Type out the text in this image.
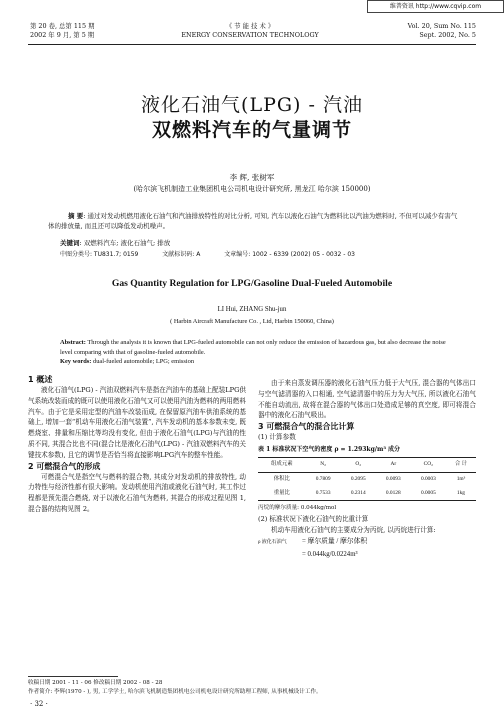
维普资讯 http://www.cqvip.com
第 20 卷, 总第 115 期
2002 年 9 月, 第 5 期
《 节 能 技 术 》
ENERGY CONSERVATION TECHNOLOGY
Vol. 20, Sum No. 115
Sept. 2002, No. 5
液化石油气(LPG) - 汽油
双燃料汽车的气量调节
李 辉, 张树军
(哈尔滨飞机制造工业集团机电公司机电设计研究所, 黑龙江 哈尔滨 150000)
摘 要: 通过对发动机燃用液化石油气和汽油排放特性的对比分析, 可知, 汽车以液化石油气为燃料比以汽油为燃料时, 不但可以减少有害气体的排放量, 而且还可以降低发动机噪声。
关键词: 双燃料汽车; 液化石油气; 排放
中图分类号: TU831.7; 0159	文献标识码: A	文章编号: 1002 - 6339 (2002) 05 - 0032 - 03
Gas Quantity Regulation for LPG/Gasoline Dual-Fueled Automobile
LI Hui, ZHANG Shu-jun
( Harbin Aircraft Manufacture Co. , Ltd, Harbin 150060, China)
Abstract: Through the analysis it is known that LPG-fueled automobile can not only reduce the emission of hazardous gas, but also decrease the noise level comparing with that of gasoline-fueled automobile.
Key words: dual-fueled automobile; LPG; emission
1 概述

液化石油气(LPG) - 汽油双燃料汽车是指在汽油车的基础上配装LPG供气系统改装而成的既可以使用液化石油气又可以使用汽油为燃料的两用燃料汽车。由于它是采用定型的汽油车改装而成, 在保留原汽油车供油系统的基础上, 增加一套“机动车用液化石油气装置”, 汽车发动机的基本参数未变, 既燃烧室、排量和压缩比等均没有变化, 但由于液化石油气(LPG)与汽油的性质不同, 其混合比也不同(混合比是液化石油气(LPG) - 汽油双燃料汽车的关键技术参数), 且它的调节是否恰当将直接影响LPG汽车的整车性能。

2 可燃混合气的形成

可燃混合气是指空气与燃料的混合物, 其成分对发动机的排放特性, 动力特性与经济性都有很大影响。发动机使用汽油或液化石油气时, 其工作过程都是预先混合燃烧, 对于以液化石油气为燃料, 其混合的形成过程见图 1, 混合器的结构见图 2。

由于来自蒸发调压器的液化石油气压力低于大气压, 混合器的气体出口与空气滤清器的入口相通, 空气滤清器中的压力为大气压, 所以液化石油气不能自动流出, 故将在混合器的气体出口处造成足够的真空度, 即可将混合器中的液化石油气吸出。

3 可燃混合气的混合比计算
(1) 计算参数
表 1 标准状况下空气的密度 ρ = 1.293kg/m³ 成分
组成元素	N₂	O₂	Ar	CO₂	合 计
体积比	0.7809	0.2095	0.0093	0.0003	1m³
重量比	0.7533	0.2314	0.0128	0.0005	1kg
丙烷的摩尔质量: 0.044kg/mol
(2) 标准状况下液化石油气的比重计算

机动车用液化石油气的主要成分为丙烷, 以丙烷进行计算:

ρ 液化石油气 = 摩尔质量 / 摩尔体积
= 0.044kg/0.0224m³
收稿日期 2001 - 11 - 06 修改稿日期 2002 - 08 - 28
作者简介: 李辉(1970 - ), 男, 工学学士, 哈尔滨飞机制造集团机电公司机电设计研究所助理工程师, 从事机械设计工作。
· 32 ·
